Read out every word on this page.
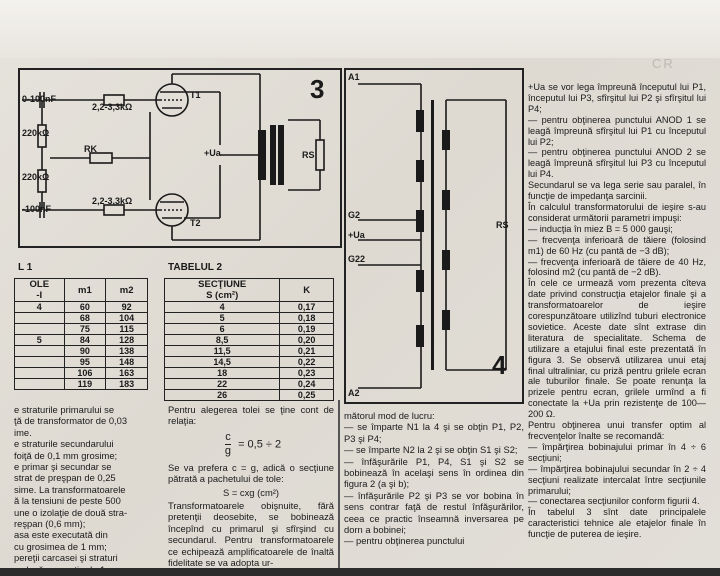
CR
3
0-100nF
2,2-3,3kΩ
T1
220kΩ
RK	+Ua	RS
220kΩ
-100nF
2,2-3,3kΩ
T2
4
A1
G2
+Ua
G22
RS
A2
L 1
OLE
-I	m1	m2
4	60	92
	68	104
	75	115
5	84	128
	90	138
	95	148
	106	163
	119	183
TABELUL 2
SECŢIUNE
S (cm²)	K
4	0,17
5	0,18
6	0,19
8,5	0,20
11,5	0,21
14,5	0,22
18	0,23
22	0,24
26	0,25

e straturile primarului se

ţă de transformator de 0,03

ime.

e straturile secundarului

foiţă de 0,1 mm grosime;

e primar şi secundar se

strat de preşpan de 0,25

sime. La transformatoarele

ă la tensiuni de peste 500

une o izolaţie de două stra-

reşpan (0,6 mm);

asa este executată din

cu grosimea de 1 mm;

pereţii carcasei şi straturi

Pentru alegerea tolei se ţine cont de relaţia:

$\frac{c}{g} = 0,5 \div 2$

Se va prefera c = g, adică o secţiune pătrată a pachetului de tole:

S = cxg (cm²)

Transformatoarele obişnuite, fără pretenţii deosebite, se bobinează începînd cu primarul şi sfîrşind cu secundarul. Pentru transformatoarele ce echipează amplificatoarele de înaltă fidelitate se va adopta ur-

mătorul mod de lucru:

— se împarte N1 la 4 şi se obţin P1, P2, P3 şi P4;

— se împarte N2 la 2 şi se obţin S1 şi S2;

— înfăşurările P1, P4, S1 şi S2 se bobinează în acelaşi sens în ordinea din figura 2 (a şi b);

— înfăşurările P2 şi P3 se vor bobina în sens contrar faţă de restul înfăşurărilor, ceea ce practic înseamnă inversarea pe dorn a bobinei;

— pentru obţinerea punctului

+Ua se vor lega împreună începutul lui P1, începutul lui P3, sfîrşitul lui P2 şi sfîrşitul lui P4;

— pentru obţinerea punctului ANOD 1 se leagă împreună sfîrşitul lui P1 cu începutul lui P2;

— pentru obţinerea punctului ANOD 2 se leagă împreună sfîrşitul lui P3 cu începutul lui P4.

Secundarul se va lega serie sau paralel, în funcţie de impedanţa sarcinii.

În calculul transformatorului de ieşire s-au considerat următorii parametri impuşi:

— inducţia în miez B = 5 000 gauşi;

— frecvenţa inferioară de tăiere (folosind m1) de 60 Hz (cu pantă de −3 dB);

— frecvenţa inferioară de tăiere de 40 Hz, folosind m2 (cu pantă de −2 dB).

În cele ce urmează vom prezenta cîteva date privind construcţia etajelor finale şi a transformatoarelor de ieşire corespunzătoare utilizînd tuburi electronice sovietice. Aceste date sînt extrase din literatura de specialitate. Schema de utilizare a etajului final este prezentată în figura 3. Se observă utilizarea unui etaj final ultraliniar, cu prizǎ pentru grilele ecran ale tuburilor finale. Se poate renunţa la prizele pentru ecran, grilele urmînd a fi conectate la +Ua prin rezistenţe de 100—200 Ω.

Pentru obţinerea unui transfer optim al frecvenţelor înalte se recomandă:

— împărţirea bobinajului primar în 4 ÷ 6 secţiuni;

— împărţirea bobinajului secundar în 2 ÷ 4 secţiuni realizate intercalat între secţiunile primarului;

— conectarea secţiunilor conform figurii 4.

În tabelul 3 sînt date principalele caracteristici tehnice ale etajelor finale în funcţie de puterea de ieşire.
